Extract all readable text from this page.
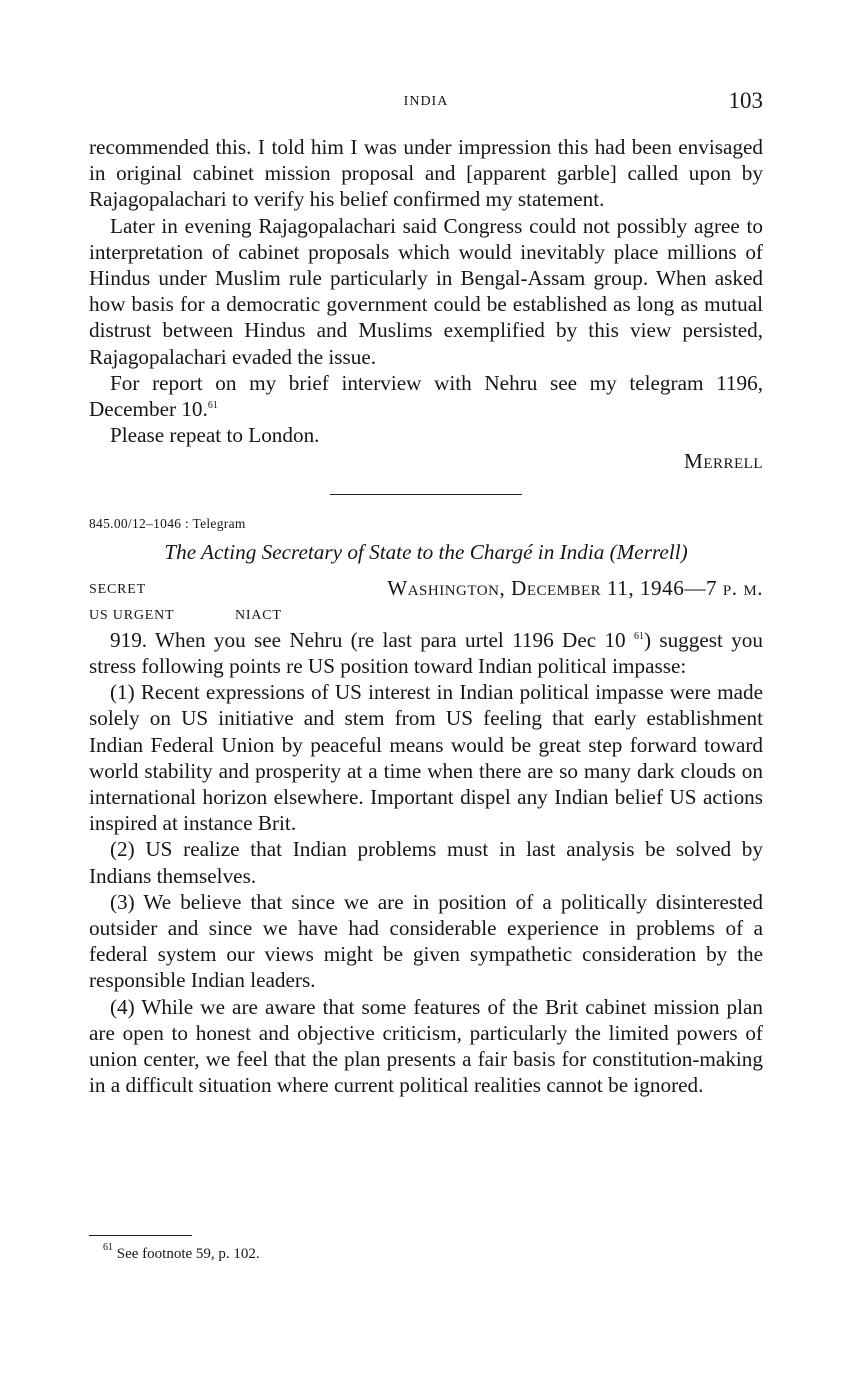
INDIA	103

recommended this. I told him I was under impression this had been envisaged in original cabinet mission proposal and [apparent garble] called upon by Rajagopalachari to verify his belief confirmed my statement.

Later in evening Rajagopalachari said Congress could not possibly agree to interpretation of cabinet proposals which would inevitably place millions of Hindus under Muslim rule particularly in Bengal-Assam group. When asked how basis for a democratic government could be established as long as mutual distrust between Hindus and Muslims exemplified by this view persisted, Rajagopalachari evaded the issue.

For report on my brief interview with Nehru see my telegram 1196, December 10.61

Please repeat to London.

Merrell

845.00/12–1046 : Telegram
The Acting Secretary of State to the Chargé in India (Merrell)
SECRET	Washington, December 11, 1946—7 p. m.
US URGENT	NIACT

919. When you see Nehru (re last para urtel 1196 Dec 10 $^{61}$) suggest you stress following points re US position toward Indian political impasse:

(1) Recent expressions of US interest in Indian political impasse were made solely on US initiative and stem from US feeling that early establishment Indian Federal Union by peaceful means would be great step forward toward world stability and prosperity at a time when there are so many dark clouds on international horizon elsewhere. Important dispel any Indian belief US actions inspired at instance Brit.

(2) US realize that Indian problems must in last analysis be solved by Indians themselves.

(3) We believe that since we are in position of a politically disinterested outsider and since we have had considerable experience in problems of a federal system our views might be given sympathetic consideration by the responsible Indian leaders.

(4) While we are aware that some features of the Brit cabinet mission plan are open to honest and objective criticism, particularly the limited powers of union center, we feel that the plan presents a fair basis for constitution-making in a difficult situation where current political realities cannot be ignored.

$^{61}$ See footnote 59, p. 102.
